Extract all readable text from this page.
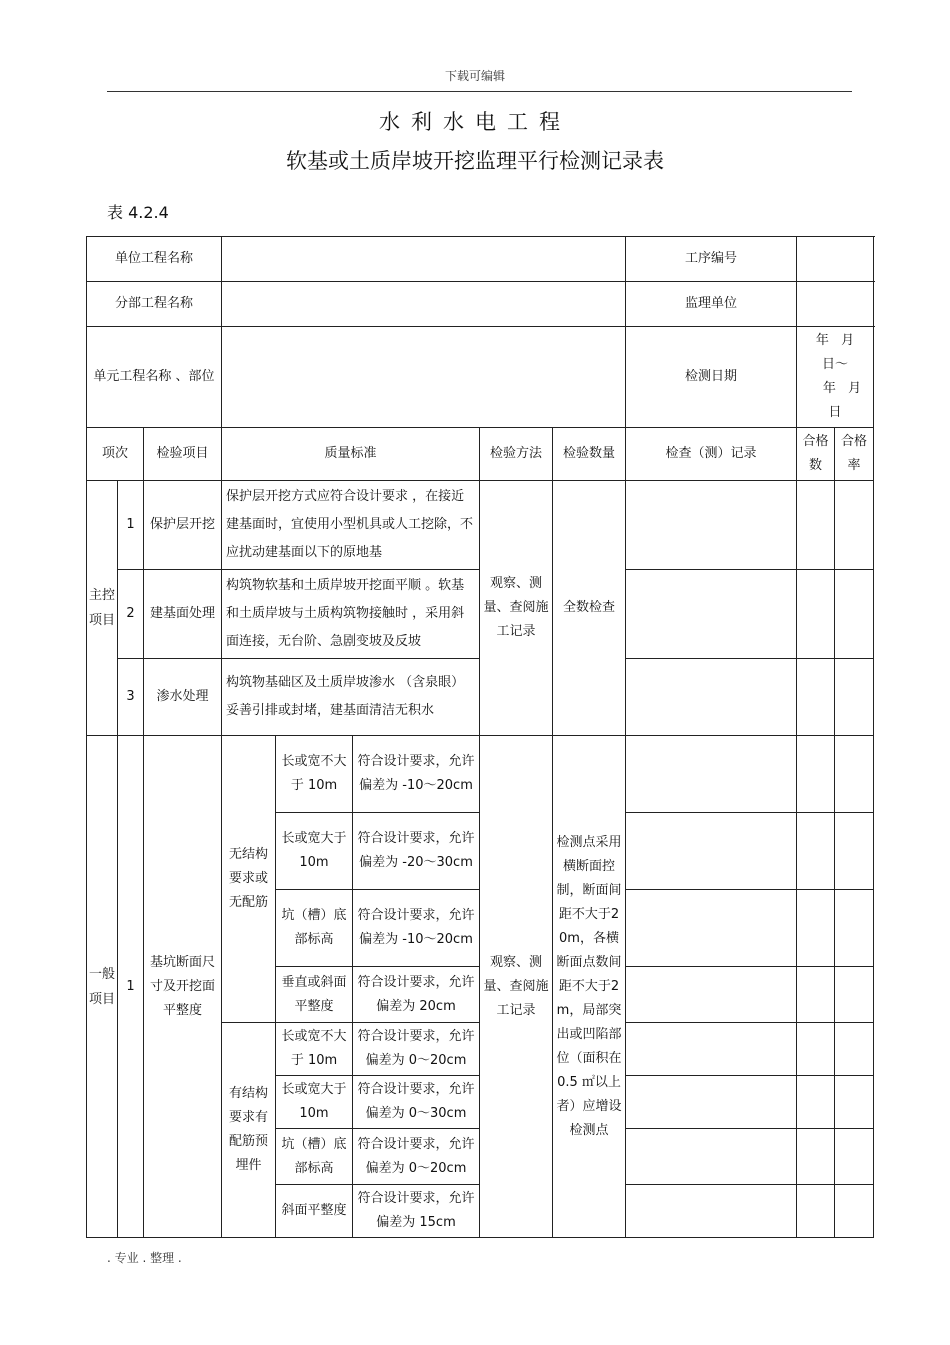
下载可编辑
水利水电工程
软基或土质岸坡开挖监理平行检测记录表
表 4.2.4
单位工程名称								工序编号		
分部工程名称								监理单位		
单元工程名称 、部位								检测日期	年 月 日～ 年 月 日	
项次		检验项目	质量标准			检验方法	检验数量	检查（测）记录	合格数	合格率
主控项目	1	保护层开挖	保护层开挖方式应符合设计要求 ，在接近建基面时，宜使用小型机具或人工挖除，不应扰动建基面以下的原地基			观察、测量、查阅施工记录	全数检查			
	2	建基面处理	构筑物软基和土质岸坡开挖面平顺 。软基和土质岸坡与土质构筑物接触时 ，采用斜面连接，无台阶、急剧变坡及反坡							
	3	渗水处理	构筑物基础区及土质岸坡渗水 （含泉眼）妥善引排或封堵，建基面清洁无积水							
一般项目	1	基坑断面尺寸及开挖面平整度	无结构要求或无配筋	长或宽不大于 10m	符合设计要求，允许偏差为 -10～20cm	观察、测量、查阅施工记录	检测点采用横断面控制，断面间距不大于20m，各横断面点数间距不大于2m，局部突出或凹陷部位（面积在 0.5 ㎡以上者）应增设检测点			
				长或宽大于 10m	符合设计要求，允许偏差为 -20～30cm					
				坑（槽）底部标高	符合设计要求，允许偏差为 -10～20cm					
				垂直或斜面平整度	符合设计要求，允许偏差为 20cm					
			有结构要求有配筋预埋件	长或宽不大于 10m	符合设计要求，允许偏差为 0～20cm					
				长或宽大于 10m	符合设计要求，允许偏差为 0～30cm					
				坑（槽）底部标高	符合设计要求，允许偏差为 0～20cm					
				斜面平整度	符合设计要求，允许偏差为 15cm					
. 专业 . 整理 .
